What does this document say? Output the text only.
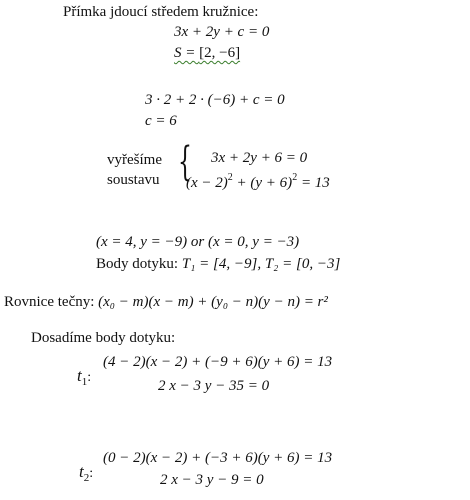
Přímka jdoucí středem kružnice:
3x + 2y + c = 0
S = [2, −6]
3 · 2 + 2 · (−6) + c = 0
c = 6
vyřešíme
soustavu { 3x + 2y + 6 = 0
$(x - 2)^2 + (y + 6)^2 = 13$
(x = 4, y = −9) or (x = 0, y = −3)
Body dotyku: T₁ = [4, −9], T₂ = [0, −3]
Rovnice tečny: (x₀ − m)(x − m) + (y₀ − n)(y − n) = r²
Dosadíme body dotyku:
$t_1$:
(4 − 2)(x − 2) + (−9 + 6)(y + 6) = 13
2 x − 3 y − 35 = 0
$t_2$:
(0 − 2)(x − 2) + (−3 + 6)(y + 6) = 13
2 x − 3 y − 9 = 0
